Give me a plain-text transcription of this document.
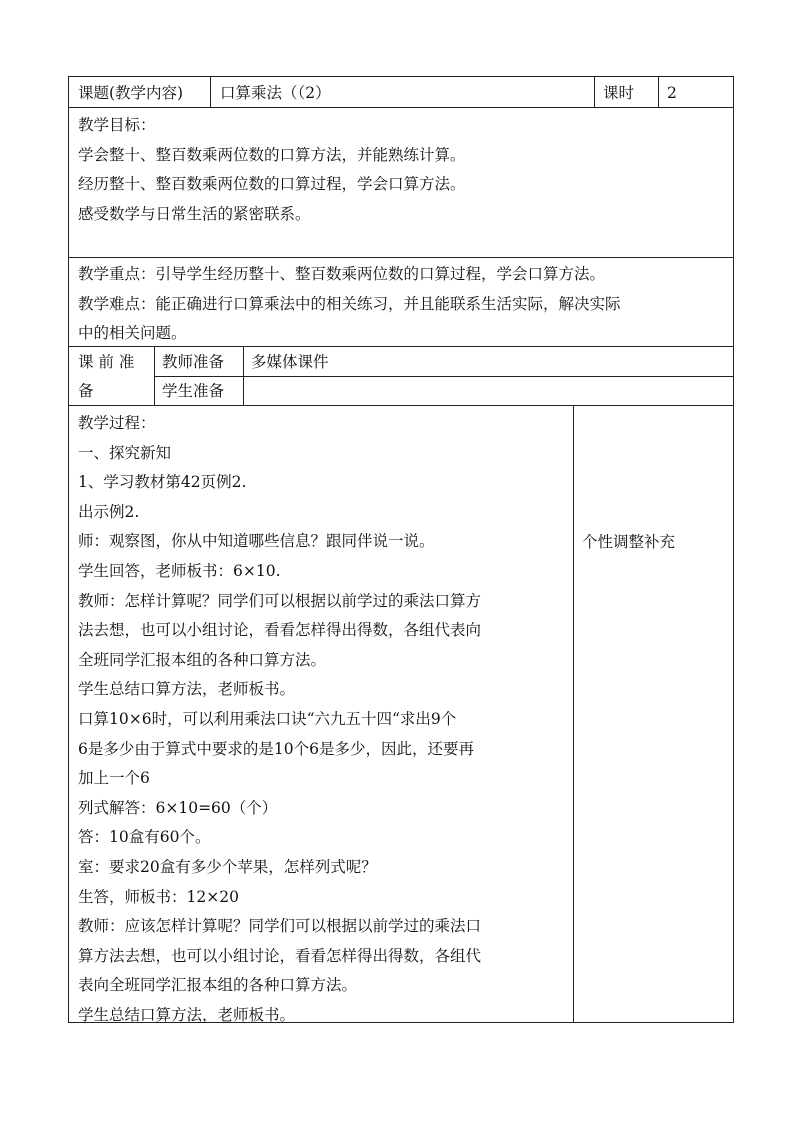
课题(教学内容) 口算乘法（（2）	课时 2
教学目标：
学会整十、整百数乘两位数的口算方法，并能熟练计算。
经历整十、整百数乘两位数的口算过程，学会口算方法。
感受数学与日常生活的紧密联系。
教学重点：引导学生经历整十、整百数乘两位数的口算过程，学会口算方法。
教学难点：能正确进行口算乘法中的相关练习，并且能联系生活实际，解决实际
中的相关问题。
课 前 准
备
教师准备 多媒体课件
学生准备
教学过程：
一、探究新知
1、学习教材第42页例2.
出示例2.
师：观察图，你从中知道哪些信息？跟同伴说一说。
学生回答，老师板书：6×10.
教师：怎样计算呢？同学们可以根据以前学过的乘法口算方
法去想，也可以小组讨论，看看怎样得出得数，各组代表向
全班同学汇报本组的各种口算方法。
学生总结口算方法，老师板书。
口算10×6时，可以利用乘法口诀“六九五十四“求出9个
6是多少由于算式中要求的是10个6是多少，因此，还要再
加上一个6
列式解答：6×10=60（个）
答：10盒有60个。
室：要求20盒有多少个苹果，怎样列式呢？
生答，师板书：12×20
教师：应该怎样计算呢？同学们可以根据以前学过的乘法口
算方法去想，也可以小组讨论，看看怎样得出得数，各组代
表向全班同学汇报本组的各种口算方法。
学生总结口算方法，老师板书。
个性调整补充
